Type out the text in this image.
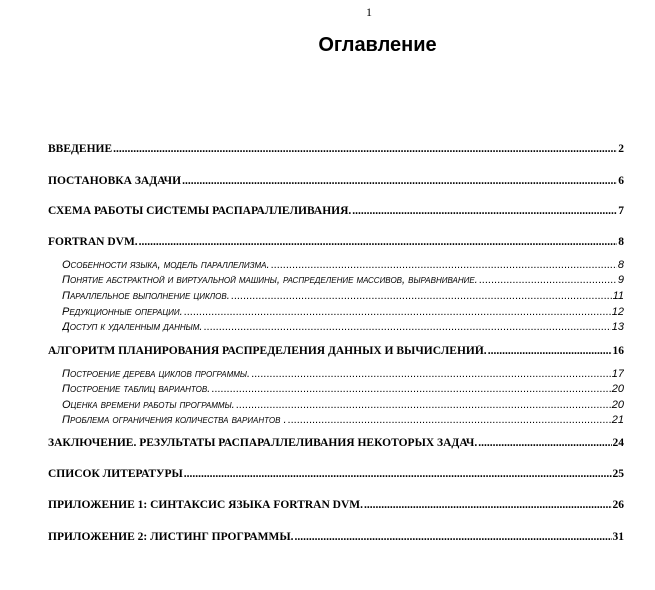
1
Оглавление
ВВЕДЕНИЕ .....	2
ПОСТАНОВКА ЗАДАЧИ .....	6
СХЕМА РАБОТЫ СИСТЕМЫ РАСПАРАЛЛЕЛИВАНИЯ. .....	7
FORTRAN DVM. .....	8
Особенности языка, модель параллелизма. .....	8
Понятие абстрактной и виртуальной машины, распределение массивов, выравнивание. .....	9
Параллельное выполнение циклов. .....	11
Редукционные операции. .....	12
Доступ к удаленным данным. .....	13
АЛГОРИТМ ПЛАНИРОВАНИЯ РАСПРЕДЕЛЕНИЯ ДАННЫХ И ВЫЧИСЛЕНИЙ. .....	16
Построение дерева циклов программы. .....	17
Построение таблиц вариантов. .....	20
Оценка времени работы программы. .....	20
Проблема ограничения количества вариантов . .....	21
ЗАКЛЮЧЕНИЕ. РЕЗУЛЬТАТЫ РАСПАРАЛЛЕЛИВАНИЯ НЕКОТОРЫХ ЗАДАЧ. .....	24
СПИСОК ЛИТЕРАТУРЫ .....	25
ПРИЛОЖЕНИЕ 1: СИНТАКСИС ЯЗЫКА FORTRAN DVM. .....	26
ПРИЛОЖЕНИЕ 2: ЛИСТИНГ ПРОГРАММЫ. .....	31
